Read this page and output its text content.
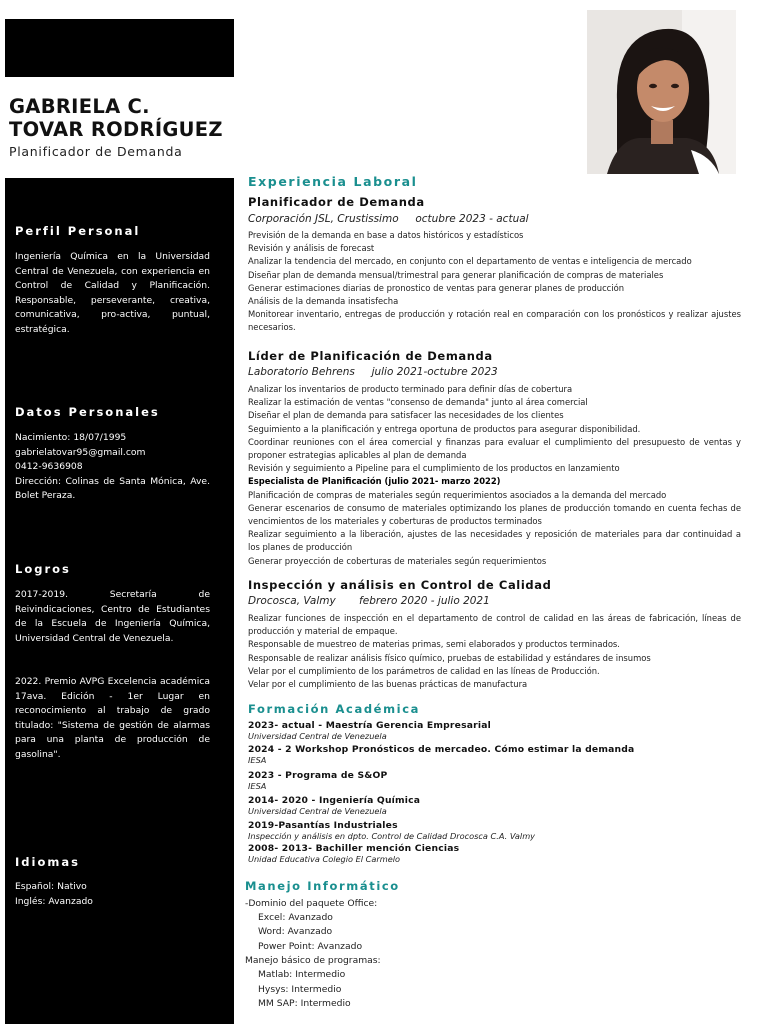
GABRIELA C.
TOVAR RODRÍGUEZ
Planificador de Demanda
Perfil Personal
Ingeniería Química en la Universidad Central de Venezuela, con experiencia en Control de Calidad y Planificación. Responsable, perseverante, creativa, comunicativa, pro-activa, puntual, estratégica.
Datos Personales
Nacimiento: 18/07/1995
gabrielatovar95@gmail.com
0412-9636908
Dirección: Colinas de Santa Mónica, Ave. Bolet Peraza.
Logros
2017-2019. Secretaría de Reivindicaciones, Centro de Estudiantes de la Escuela de Ingeniería Química, Universidad Central de Venezuela.
2022. Premio AVPG Excelencia académica 17ava. Edición - 1er Lugar en reconocimiento al trabajo de grado titulado: "Sistema de gestión de alarmas para una planta de producción de gasolina".
Idiomas
Español: Nativo
Inglés: Avanzado
Experiencia Laboral
Planificador de Demanda
Corporación JSL, Crustissimo     octubre 2023 - actual
Previsión de la demanda en base a datos históricos y estadísticos
Revisión y análisis de forecast
Analizar la tendencia del mercado, en conjunto con el departamento de ventas e inteligencia de mercado
Diseñar plan de demanda mensual/trimestral para generar planificación de compras de materiales
Generar estimaciones diarias de pronostico de ventas para generar planes de producción
Análisis de la demanda insatisfecha
Monitorear inventario, entregas de producción y rotación real en comparación con los pronósticos y realizar ajustes necesarios.
Líder de Planificación de Demanda
Laboratorio Behrens     julio 2021-octubre 2023
Analizar los inventarios de producto terminado para definir días de cobertura
Realizar la estimación de ventas "consenso de demanda" junto al área comercial
Diseñar el plan de demanda para satisfacer las necesidades de los clientes
Seguimiento a la planificación y entrega oportuna de productos para asegurar disponibilidad.
Coordinar reuniones con el área comercial y finanzas para evaluar el cumplimiento del presupuesto de ventas y proponer estrategias aplicables al plan de demanda
Revisión y seguimiento a Pipeline para el cumplimiento de los productos en lanzamiento
Especialista de Planificación (julio 2021- marzo 2022)
Planificación de compras de materiales según requerimientos asociados a la demanda del mercado
Generar escenarios de consumo de materiales optimizando los planes de producción tomando en cuenta fechas de vencimientos de los materiales y coberturas de productos terminados
Realizar seguimiento a la liberación, ajustes de las necesidades y reposición de materiales para dar continuidad a los planes de producción
Generar proyección de coberturas de materiales según requerimientos
Inspección y análisis en Control de Calidad
Drocosca, Valmy       febrero 2020 - julio 2021
Realizar funciones de inspección en el departamento de control de calidad en las áreas de fabricación, líneas de producción y material de empaque.
Responsable de muestreo de materias primas, semi elaborados y productos terminados.
Responsable de realizar análisis físico químico, pruebas de estabilidad y estándares de insumos
Velar por el cumplimiento de los parámetros de calidad en las líneas de Producción.
Velar por el cumplimiento de las buenas prácticas de manufactura
Formación Académica
2023- actual - Maestría Gerencia Empresarial
Universidad Central de Venezuela
2024 - 2 Workshop Pronósticos de mercadeo. Cómo estimar la demanda
IESA
2023 - Programa de S&OP
IESA
2014- 2020 - Ingeniería Química
Universidad Central de Venezuela
2019-Pasantías Industriales
Inspección y análisis en dpto. Control de Calidad Drocosca C.A. Valmy
2008- 2013- Bachiller mención Ciencias
Unidad Educativa Colegio El Carmelo
Manejo Informático
-Dominio del paquete Office:
Excel: Avanzado
Word: Avanzado
Power Point: Avanzado
Manejo básico de programas:
Matlab: Intermedio
Hysys: Intermedio
MM SAP: Intermedio
